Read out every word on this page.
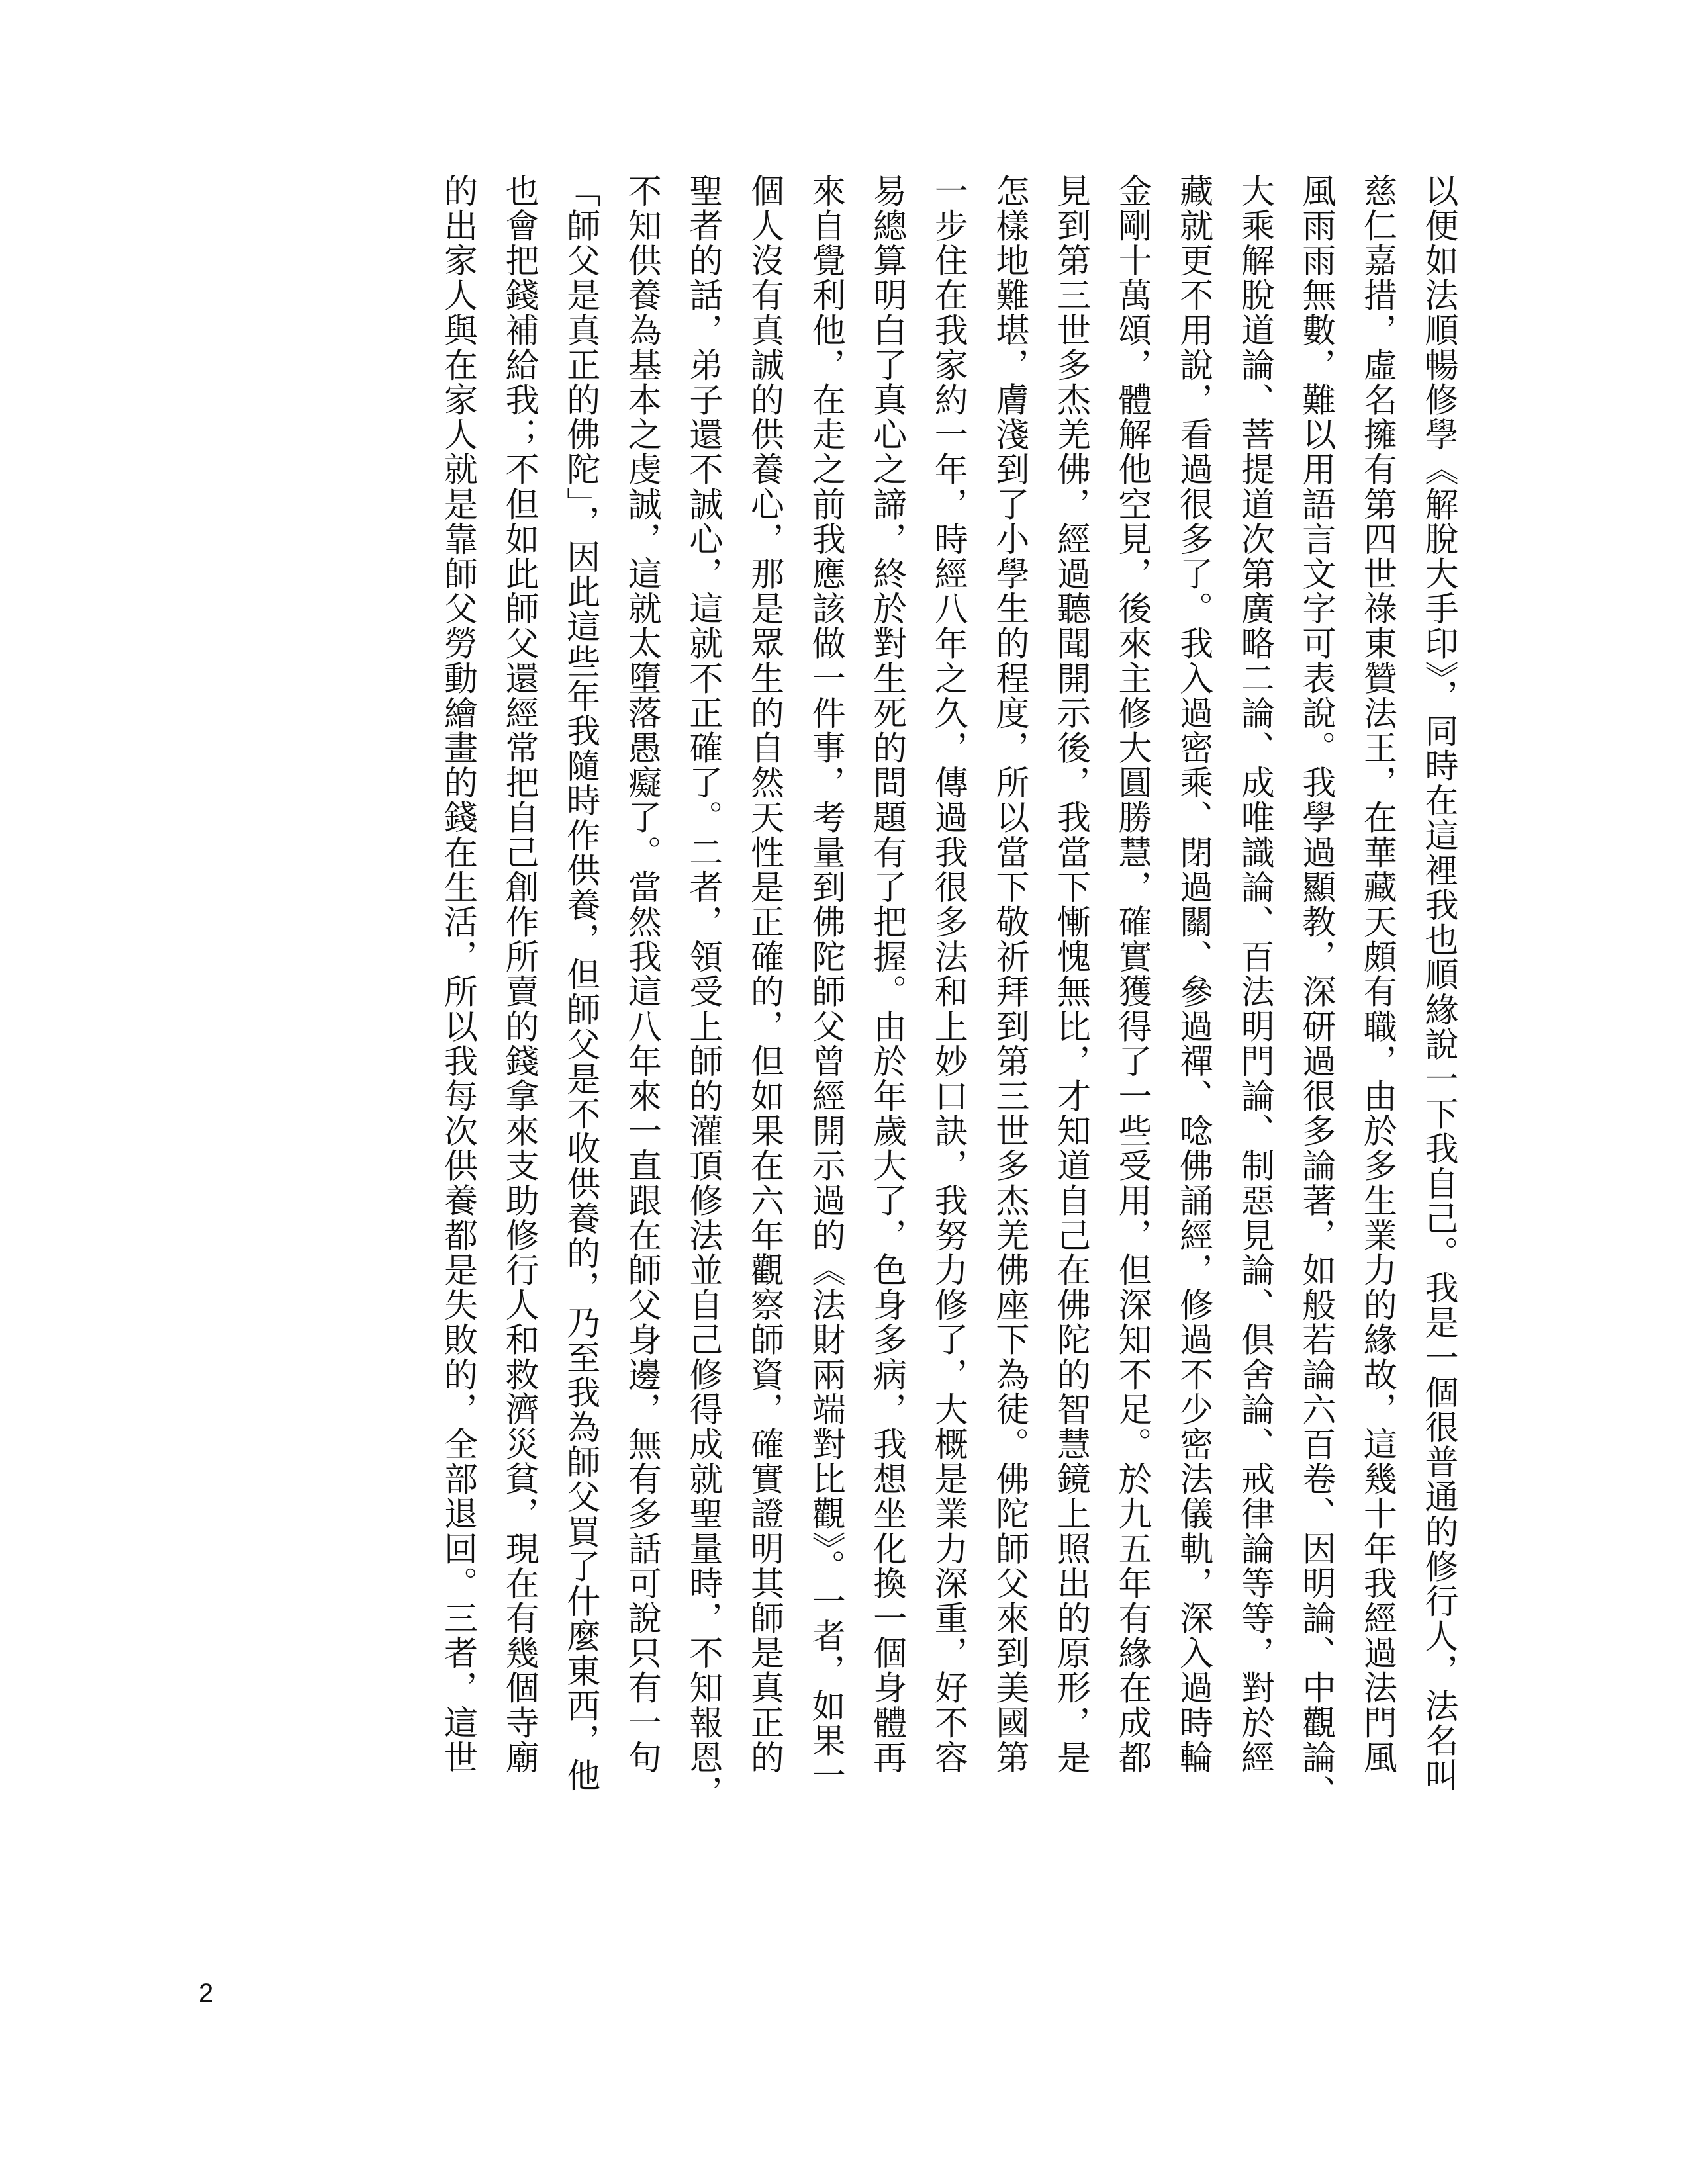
以便如法順暢修學《解脫大手印》，同時在這裡我也順緣說一下我自己。我是一個很普通的修行人，法名叫
慈仁嘉措，虛名擁有第四世祿東贊法王，在華藏天頗有職，由於多生業力的緣故，這幾十年我經過法門風
風雨雨無數，難以用語言文字可表說。我學過顯教，深研過很多論著，如般若論六百卷、因明論、中觀論、
大乘解脫道論、菩提道次第廣略二論、成唯識論、百法明門論、制惡見論、俱舍論、戒律論等等，對於經
藏就更不用說，看過很多了。我入過密乘、閉過關、參過禪、唸佛誦經，修過不少密法儀軌，深入過時輪
金剛十萬頌，體解他空見，後來主修大圓勝慧，確實獲得了一些受用，但深知不足。於九五年有緣在成都
見到第三世多杰羌佛，經過聽聞開示後，我當下慚愧無比，才知道自己在佛陀的智慧鏡上照出的原形，是
怎樣地難堪，膚淺到了小學生的程度，所以當下敬祈拜到第三世多杰羌佛座下為徒。佛陀師父來到美國第
一步住在我家約一年，時經八年之久，傳過我很多法和上妙口訣，我努力修了，大概是業力深重，好不容
易總算明白了真心之諦，終於對生死的問題有了把握。由於年歲大了，色身多病，我想坐化換一個身體再
來自覺利他，在走之前我應該做一件事，考量到佛陀師父曾經開示過的《法財兩端對比觀》。一者，如果一
個人沒有真誠的供養心，那是眾生的自然天性是正確的，但如果在六年觀察師資，確實證明其師是真正的
聖者的話，弟子還不誠心，這就不正確了。二者，領受上師的灌頂修法並自己修得成就聖量時，不知報恩，
不知供養為基本之虔誠，這就太墮落愚癡了。當然我這八年來一直跟在師父身邊，無有多話可說只有一句
「師父是真正的佛陀」，因此這些年我隨時作供養，但師父是不收供養的，乃至我為師父買了什麼東西，他
也會把錢補給我；不但如此師父還經常把自己創作所賣的錢拿來支助修行人和救濟災貧，現在有幾個寺廟
的出家人與在家人就是靠師父勞動繪畫的錢在生活，所以我每次供養都是失敗的，全部退回。三者，這世
2
